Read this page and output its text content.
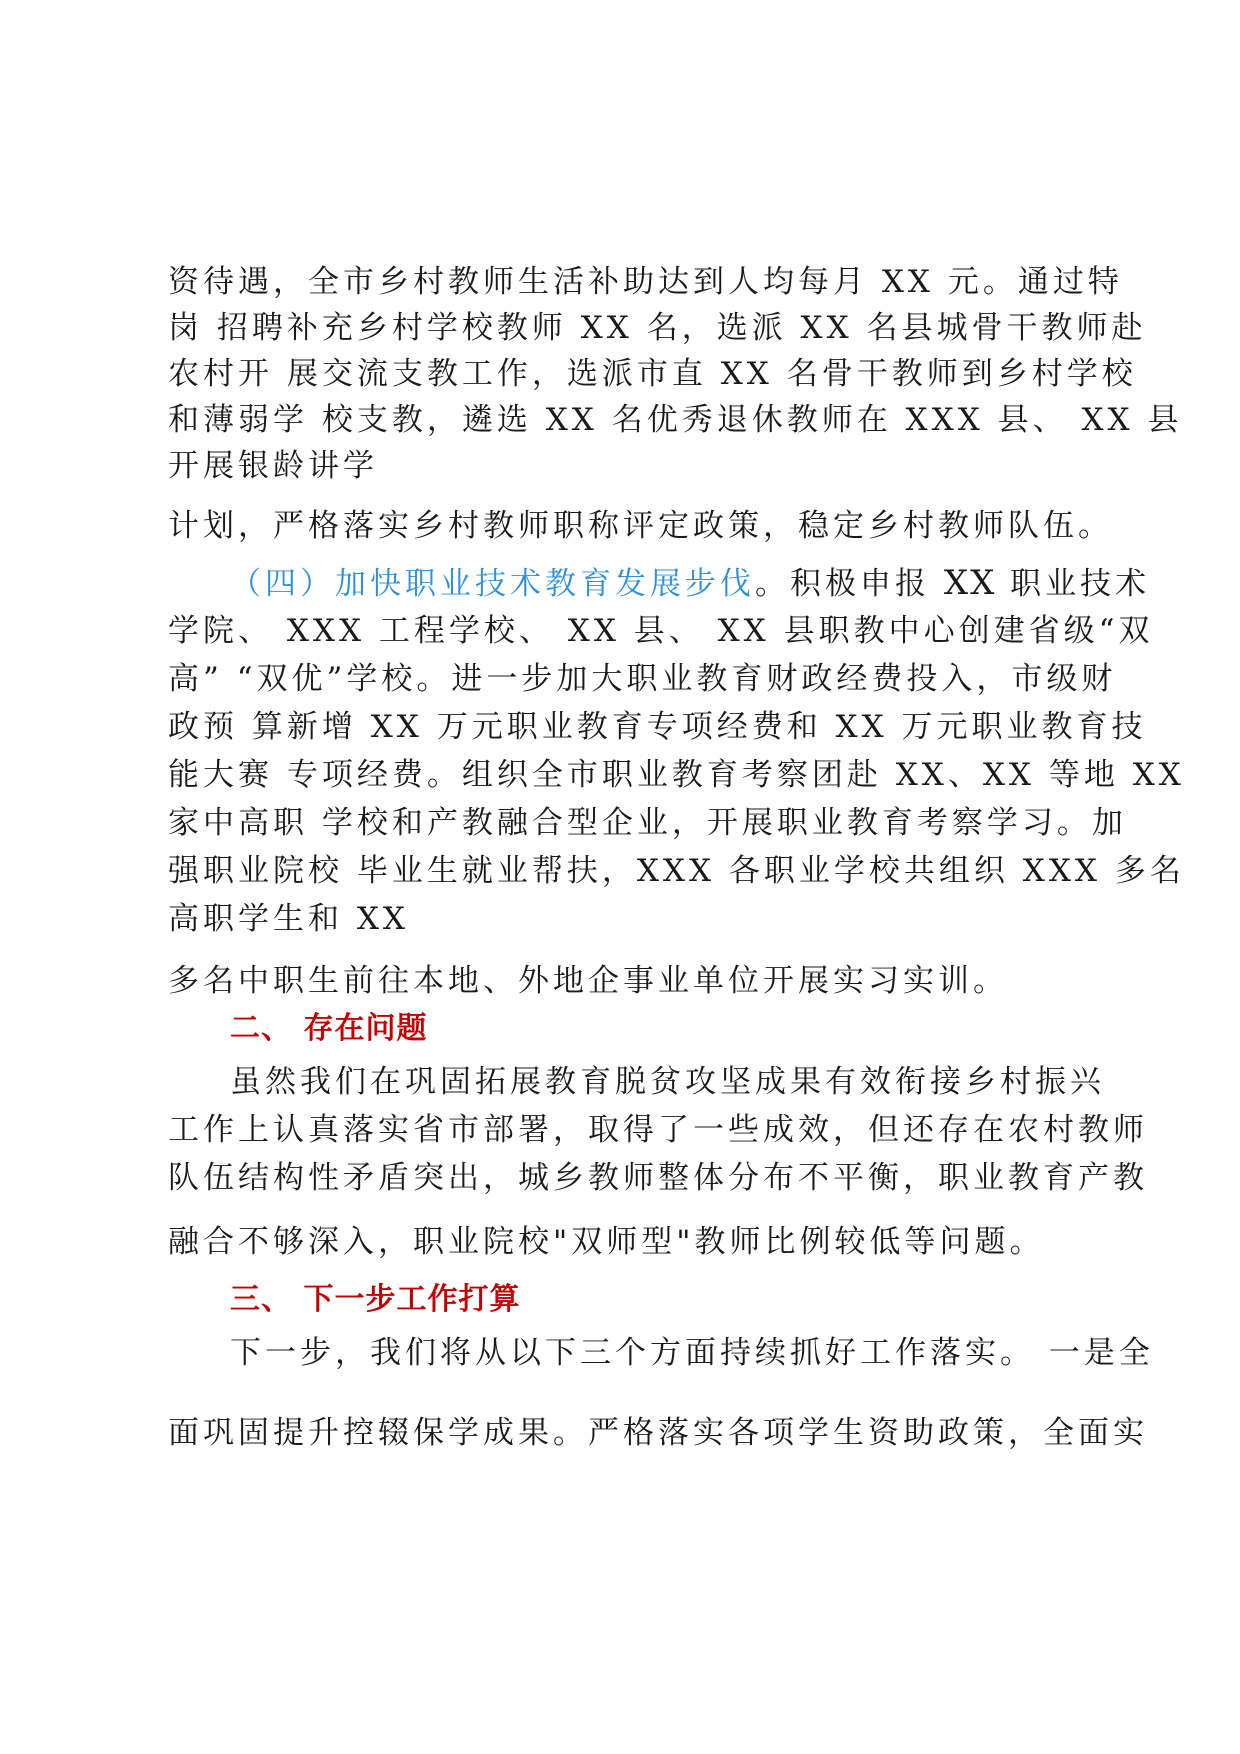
资待遇，全市乡村教师生活补助达到人均每月 XX 元。通过特

岗 招聘补充乡村学校教师 XX 名，选派 XX 名县城骨干教师赴

农村开 展交流支教工作，选派市直 XX 名骨干教师到乡村学校

和薄弱学 校支教，遴选 XX 名优秀退休教师在 XXX 县、 XX 县

开展银龄讲学

计划，严格落实乡村教师职称评定政策，稳定乡村教师队伍。

（四）加快职业技术教育发展步伐。积极申报 XX 职业技术

学院、 XXX 工程学校、 XX 县、 XX 县职教中心创建省级“双

高” “双优”学校。进一步加大职业教育财政经费投入，市级财

政预 算新增 XX 万元职业教育专项经费和 XX 万元职业教育技

能大赛 专项经费。组织全市职业教育考察团赴 XX、XX 等地 XX

家中高职 学校和产教融合型企业，开展职业教育考察学习。加

强职业院校 毕业生就业帮扶，XXX 各职业学校共组织 XXX 多名

高职学生和 XX

多名中职生前往本地、外地企事业单位开展实习实训。

二、 存在问题

虽然我们在巩固拓展教育脱贫攻坚成果有效衔接乡村振兴

工作上认真落实省市部署，取得了一些成效，但还存在农村教师

队伍结构性矛盾突出，城乡教师整体分布不平衡，职业教育产教

融合不够深入，职业院校"双师型"教师比例较低等问题。

三、 下一步工作打算

下一步，我们将从以下三个方面持续抓好工作落实。 一是全

面巩固提升控辍保学成果。严格落实各项学生资助政策，全面实
